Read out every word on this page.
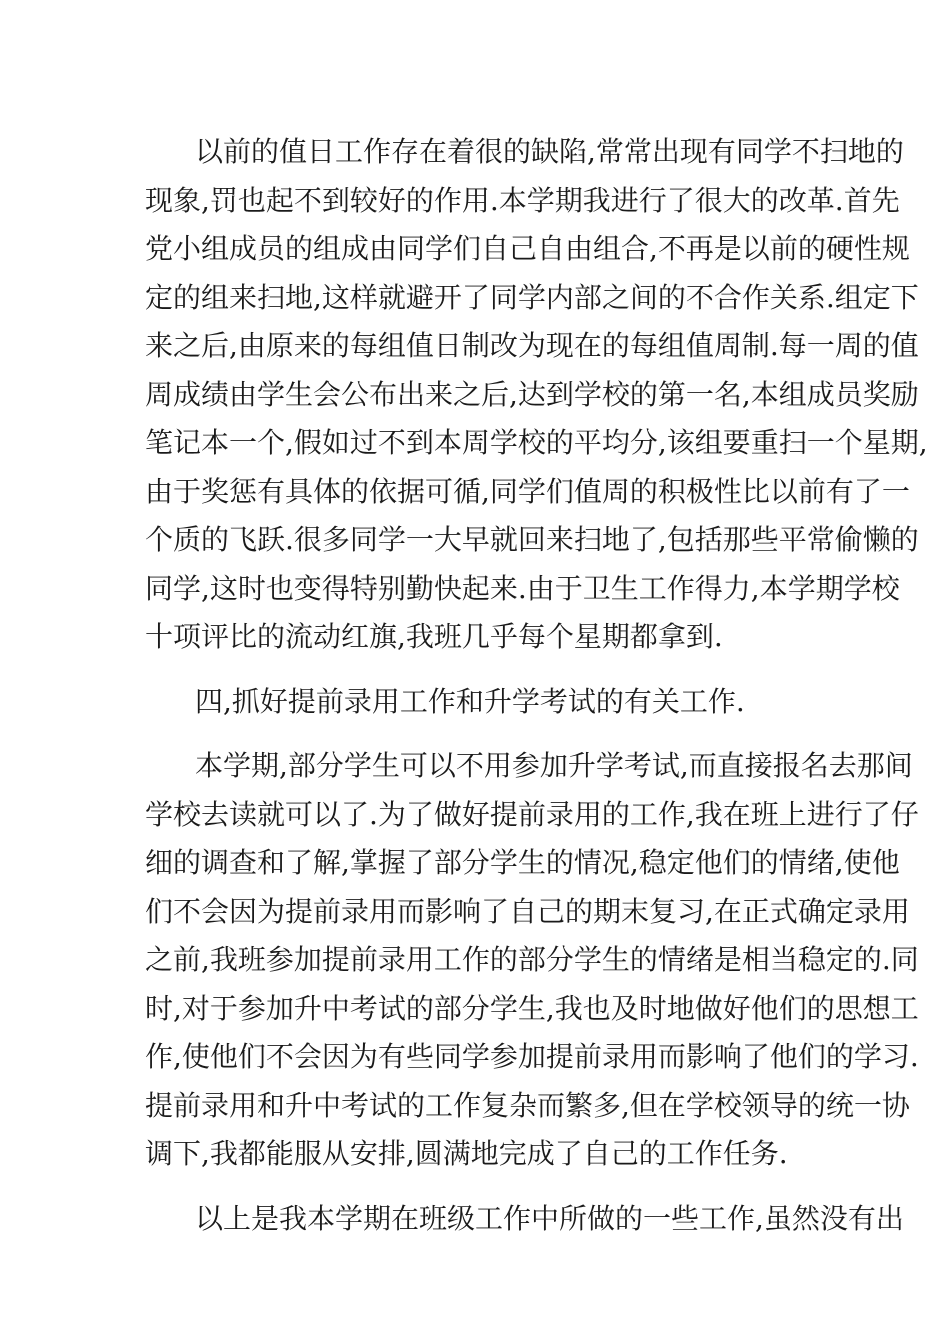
以前的值日工作存在着很的缺陷,常常出现有同学不扫地的
现象,罚也起不到较好的作用.本学期我进行了很大的改革.首先
党小组成员的组成由同学们自己自由组合,不再是以前的硬性规
定的组来扫地,这样就避开了同学内部之间的不合作关系.组定下
来之后,由原来的每组值日制改为现在的每组值周制.每一周的值
周成绩由学生会公布出来之后,达到学校的第一名,本组成员奖励
笔记本一个,假如过不到本周学校的平均分,该组要重扫一个星期,
由于奖惩有具体的依据可循,同学们值周的积极性比以前有了一
个质的飞跃.很多同学一大早就回来扫地了,包括那些平常偷懒的
同学,这时也变得特别勤快起来.由于卫生工作得力,本学期学校
十项评比的流动红旗,我班几乎每个星期都拿到.
四,抓好提前录用工作和升学考试的有关工作.
本学期,部分学生可以不用参加升学考试,而直接报名去那间
学校去读就可以了.为了做好提前录用的工作,我在班上进行了仔
细的调查和了解,掌握了部分学生的情况,稳定他们的情绪,使他
们不会因为提前录用而影响了自己的期末复习,在正式确定录用
之前,我班参加提前录用工作的部分学生的情绪是相当稳定的.同
时,对于参加升中考试的部分学生,我也及时地做好他们的思想工
作,使他们不会因为有些同学参加提前录用而影响了他们的学习.
提前录用和升中考试的工作复杂而繁多,但在学校领导的统一协
调下,我都能服从安排,圆满地完成了自己的工作任务.
以上是我本学期在班级工作中所做的一些工作,虽然没有出
